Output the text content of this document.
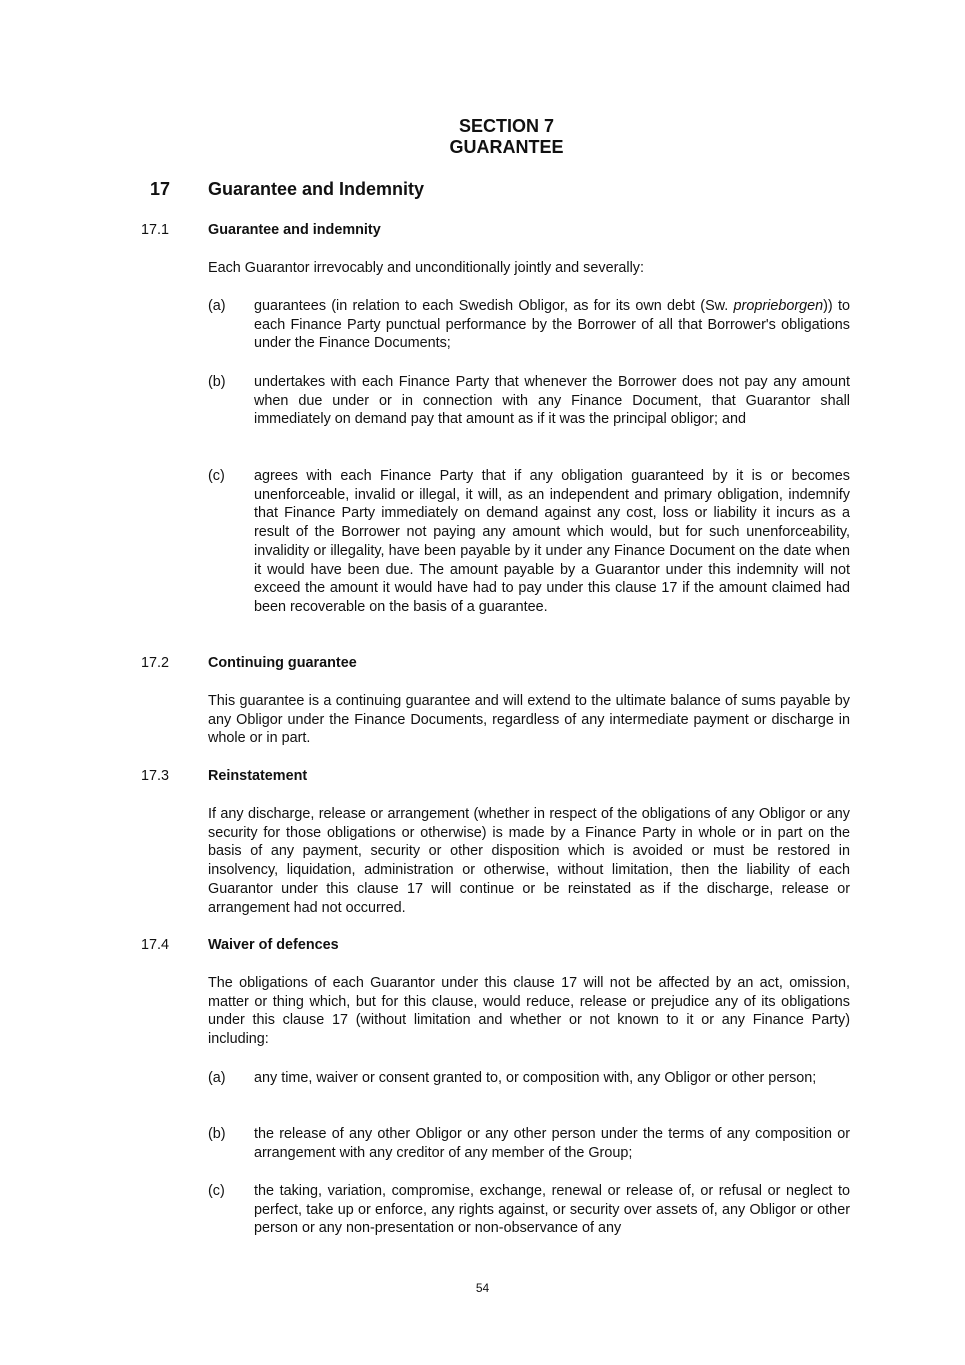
SECTION 7
GUARANTEE
17 Guarantee and Indemnity
17.1	Guarantee and indemnity

Each Guarantor irrevocably and unconditionally jointly and severally:

(a) guarantees (in relation to each Swedish Obligor, as for its own debt (Sw. proprieborgen)) to each Finance Party punctual performance by the Borrower of all that Borrower's obligations under the Finance Documents;

(b) undertakes with each Finance Party that whenever the Borrower does not pay any amount when due under or in connection with any Finance Document, that Guarantor shall immediately on demand pay that amount as if it was the principal obligor; and

(c) agrees with each Finance Party that if any obligation guaranteed by it is or becomes unenforceable, invalid or illegal, it will, as an independent and primary obligation, indemnify that Finance Party immediately on demand against any cost, loss or liability it incurs as a result of the Borrower not paying any amount which would, but for such unenforceability, invalidity or illegality, have been payable by it under any Finance Document on the date when it would have been due. The amount payable by a Guarantor under this indemnity will not exceed the amount it would have had to pay under this clause 17 if the amount claimed had been recoverable on the basis of a guarantee.

17.2	Continuing guarantee

This guarantee is a continuing guarantee and will extend to the ultimate balance of sums payable by any Obligor under the Finance Documents, regardless of any intermediate payment or discharge in whole or in part.

17.3	Reinstatement

If any discharge, release or arrangement (whether in respect of the obligations of any Obligor or any security for those obligations or otherwise) is made by a Finance Party in whole or in part on the basis of any payment, security or other disposition which is avoided or must be restored in insolvency, liquidation, administration or otherwise, without limitation, then the liability of each Guarantor under this clause 17 will continue or be reinstated as if the discharge, release or arrangement had not occurred.

17.4	Waiver of defences

The obligations of each Guarantor under this clause 17 will not be affected by an act, omission, matter or thing which, but for this clause, would reduce, release or prejudice any of its obligations under this clause 17 (without limitation and whether or not known to it or any Finance Party) including:

(a) any time, waiver or consent granted to, or composition with, any Obligor or other person;

(b) the release of any other Obligor or any other person under the terms of any composition or arrangement with any creditor of any member of the Group;

(c) the taking, variation, compromise, exchange, renewal or release of, or refusal or neglect to perfect, take up or enforce, any rights against, or security over assets of, any Obligor or other person or any non-presentation or non-observance of any

54
